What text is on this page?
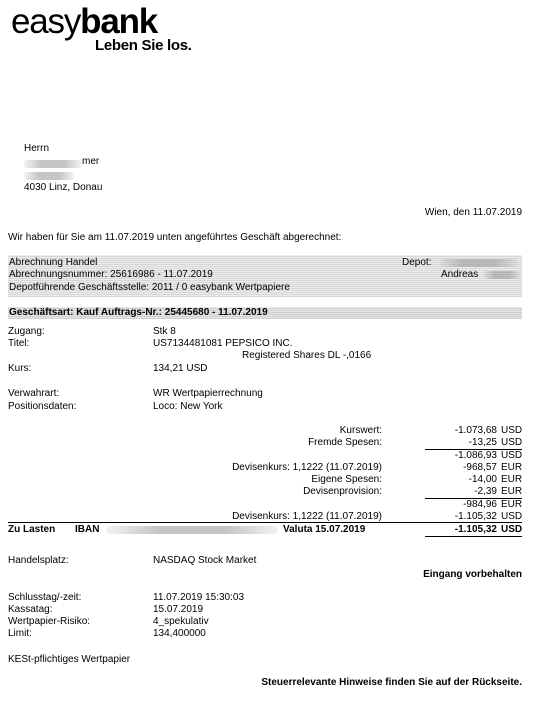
easybank
Leben Sie los.
Herrn
mer
4030 Linz, Donau
Wien, den 11.07.2019
Wir haben für Sie am 11.07.2019 unten angeführtes Geschäft abgerechnet:
Abrechnung Handel	Depot:
Abrechnungsnummer: 25616986 - 11.07.2019	Andreas
Depotführende Geschäftsstelle: 2011 / 0 easybank Wertpapiere
Geschäftsart: Kauf Auftrags-Nr.: 25445680 - 11.07.2019
Zugang:	Stk 8
Titel:	US7134481081 PEPSICO INC.
Registered Shares DL -,0166
Kurs:	134,21 USD
Verwahrart:	WR Wertpapierrechnung
Positionsdaten:	Loco: New York
Kurswert:	-1.073,68 USD
Fremde Spesen:	-13,25 USD
-1.086,93 USD
Devisenkurs: 1,1222 (11.07.2019)	-968,57 EUR
Eigene Spesen:	-14,00 EUR
Devisenprovision:	-2,39 EUR
-984,96 EUR
Devisenkurs: 1,1222 (11.07.2019)	-1.105,32 USD
Zu Lasten IBAN	Valuta 15.07.2019	-1.105,32 USD
Handelsplatz:	NASDAQ Stock Market
Eingang vorbehalten
Schlusstag/-zeit:	11.07.2019 15:30:03
Kassatag:	15.07.2019
Wertpapier-Risiko:	4_spekulativ
Limit:	134,400000
KESt-pflichtiges Wertpapier
Steuerrelevante Hinweise finden Sie auf der Rückseite.
